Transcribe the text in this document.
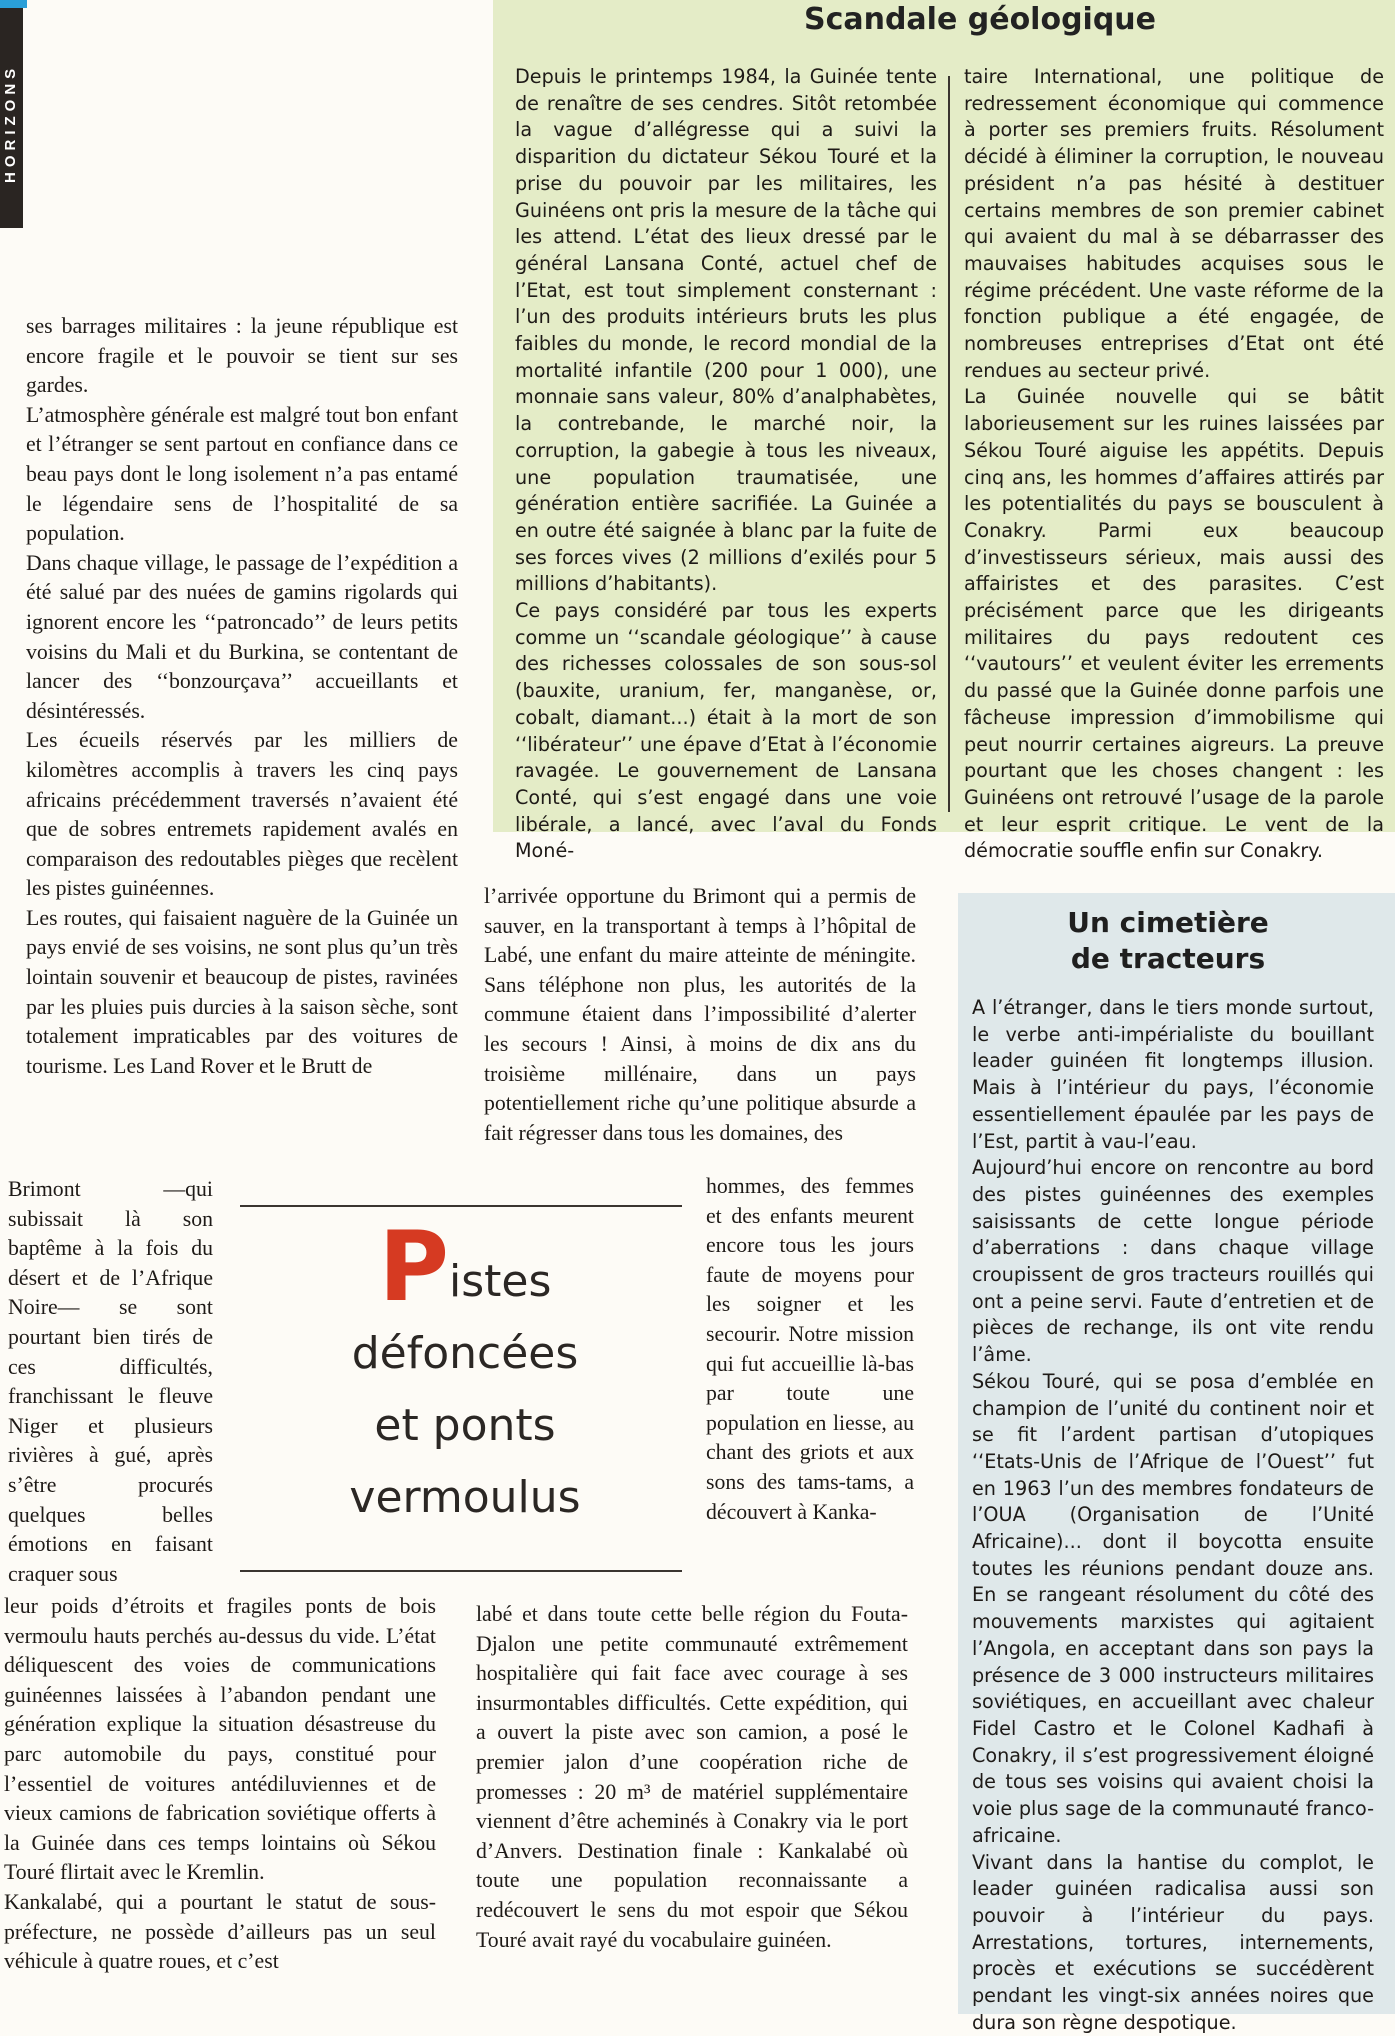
HORIZONS
Scandale géologique

Depuis le printemps 1984, la Guinée tente de renaître de ses cendres. Sitôt retombée la vague d’allégresse qui a suivi la disparition du dictateur Sékou Touré et la prise du pouvoir par les militaires, les Guinéens ont pris la mesure de la tâche qui les attend. L’état des lieux dressé par le général Lansana Conté, actuel chef de l’Etat, est tout simplement consternant : l’un des produits intérieurs bruts les plus faibles du monde, le record mondial de la mortalité infantile (200 pour 1 000), une monnaie sans valeur, 80% d’analphabètes, la contrebande, le marché noir, la corruption, la gabegie à tous les niveaux, une population traumatisée, une génération entière sacrifiée. La Guinée a en outre été saignée à blanc par la fuite de ses forces vives (2 millions d’exilés pour 5 millions d’habitants).

Ce pays considéré par tous les experts comme un ‘‘scandale géologique’’ à cause des richesses colossales de son sous-sol (bauxite, uranium, fer, manganèse, or, cobalt, diamant...) était à la mort de son ‘‘libérateur’’ une épave d’Etat à l’économie ravagée. Le gouvernement de Lansana Conté, qui s’est engagé dans une voie libérale, a lancé, avec l’aval du Fonds Moné-

taire International, une politique de redressement économique qui commence à porter ses premiers fruits. Résolument décidé à éliminer la corruption, le nouveau président n’a pas hésité à destituer certains membres de son premier cabinet qui avaient du mal à se débarrasser des mauvaises habitudes acquises sous le régime précédent. Une vaste réforme de la fonction publique a été engagée, de nombreuses entreprises d’Etat ont été rendues au secteur privé.

La Guinée nouvelle qui se bâtit laborieusement sur les ruines laissées par Sékou Touré aiguise les appétits. Depuis cinq ans, les hommes d’affaires attirés par les potentialités du pays se bousculent à Conakry. Parmi eux beaucoup d’investisseurs sérieux, mais aussi des affairistes et des parasites. C’est précisément parce que les dirigeants militaires du pays redoutent ces ‘‘vautours’’ et veulent éviter les errements du passé que la Guinée donne parfois une fâcheuse impression d’immobilisme qui peut nourrir certaines aigreurs. La preuve pourtant que les choses changent : les Guinéens ont retrouvé l’usage de la parole et leur esprit critique. Le vent de la démocratie souffle enfin sur Conakry.

ses barrages militaires : la jeune république est encore fragile et le pouvoir se tient sur ses gardes.

L’atmosphère générale est malgré tout bon enfant et l’étranger se sent partout en confiance dans ce beau pays dont le long isolement n’a pas entamé le légendaire sens de l’hospitalité de sa population.

Dans chaque village, le passage de l’expédition a été salué par des nuées de gamins rigolards qui ignorent encore les ‘‘patroncado’’ de leurs petits voisins du Mali et du Burkina, se contentant de lancer des ‘‘bonzourçava’’ accueillants et désintéressés.

Les écueils réservés par les milliers de kilomètres accomplis à travers les cinq pays africains précédemment traversés n’avaient été que de sobres entremets rapidement avalés en comparaison des redoutables pièges que recèlent les pistes guinéennes.

Les routes, qui faisaient naguère de la Guinée un pays envié de ses voisins, ne sont plus qu’un très lointain souvenir et beaucoup de pistes, ravinées par les pluies puis durcies à la saison sèche, sont totalement impraticables par des voitures de tourisme. Les Land Rover et le Brutt de

Brimont —qui subissait là son baptême à la fois du désert et de l’Afrique Noire— se sont pourtant bien tirés de ces difficultés, franchissant le fleuve Niger et plusieurs rivières à gué, après s’être procurés quelques belles émotions en faisant craquer sous

Pistes
défoncées
et ponts
vermoulus

leur poids d’étroits et fragiles ponts de bois vermoulu hauts perchés au-dessus du vide. L’état déliquescent des voies de communications guinéennes laissées à l’abandon pendant une génération explique la situation désastreuse du parc automobile du pays, constitué pour l’essentiel de voitures antédiluviennes et de vieux camions de fabrication soviétique offerts à la Guinée dans ces temps lointains où Sékou Touré flirtait avec le Kremlin.

Kankalabé, qui a pourtant le statut de sous-préfecture, ne possède d’ailleurs pas un seul véhicule à quatre roues, et c’est

l’arrivée opportune du Brimont qui a permis de sauver, en la transportant à temps à l’hôpital de Labé, une enfant du maire atteinte de méningite. Sans téléphone non plus, les autorités de la commune étaient dans l’impossibilité d’alerter les secours ! Ainsi, à moins de dix ans du troisième millénaire, dans un pays potentiellement riche qu’une politique absurde a fait régresser dans tous les domaines, des

hommes, des femmes et des enfants meurent encore tous les jours faute de moyens pour les soigner et les secourir. Notre mission qui fut accueillie là-bas par toute une population en liesse, au chant des griots et aux sons des tams-tams, a découvert à Kanka-

labé et dans toute cette belle région du Fouta-Djalon une petite communauté extrêmement hospitalière qui fait face avec courage à ses insurmontables difficultés. Cette expédition, qui a ouvert la piste avec son camion, a posé le premier jalon d’une coopération riche de promesses : 20 m³ de matériel supplémentaire viennent d’être acheminés à Conakry via le port d’Anvers. Destination finale : Kankalabé où toute une population reconnaissante a redécouvert le sens du mot espoir que Sékou Touré avait rayé du vocabulaire guinéen.

Un cimetière
de tracteurs

A l’étranger, dans le tiers monde surtout, le verbe anti-impérialiste du bouillant leader guinéen fit longtemps illusion. Mais à l’intérieur du pays, l’économie essentiellement épaulée par les pays de l’Est, partit à vau-l’eau.

Aujourd’hui encore on rencontre au bord des pistes guinéennes des exemples saisissants de cette longue période d’aberrations : dans chaque village croupissent de gros tracteurs rouillés qui ont a peine servi. Faute d’entretien et de pièces de rechange, ils ont vite rendu l’âme.

Sékou Touré, qui se posa d’emblée en champion de l’unité du continent noir et se fit l’ardent partisan d’utopiques ‘‘Etats-Unis de l’Afrique de l’Ouest’’ fut en 1963 l’un des membres fondateurs de l’OUA (Organisation de l’Unité Africaine)... dont il boycotta ensuite toutes les réunions pendant douze ans. En se rangeant résolument du côté des mouvements marxistes qui agitaient l’Angola, en acceptant dans son pays la présence de 3 000 instructeurs militaires soviétiques, en accueillant avec chaleur Fidel Castro et le Colonel Kadhafi à Conakry, il s’est progressivement éloigné de tous ses voisins qui avaient choisi la voie plus sage de la communauté franco-africaine.

Vivant dans la hantise du complot, le leader guinéen radicalisa aussi son pouvoir à l’intérieur du pays. Arrestations, tortures, internements, procès et exécutions se succédèrent pendant les vingt-six années noires que dura son règne despotique.
